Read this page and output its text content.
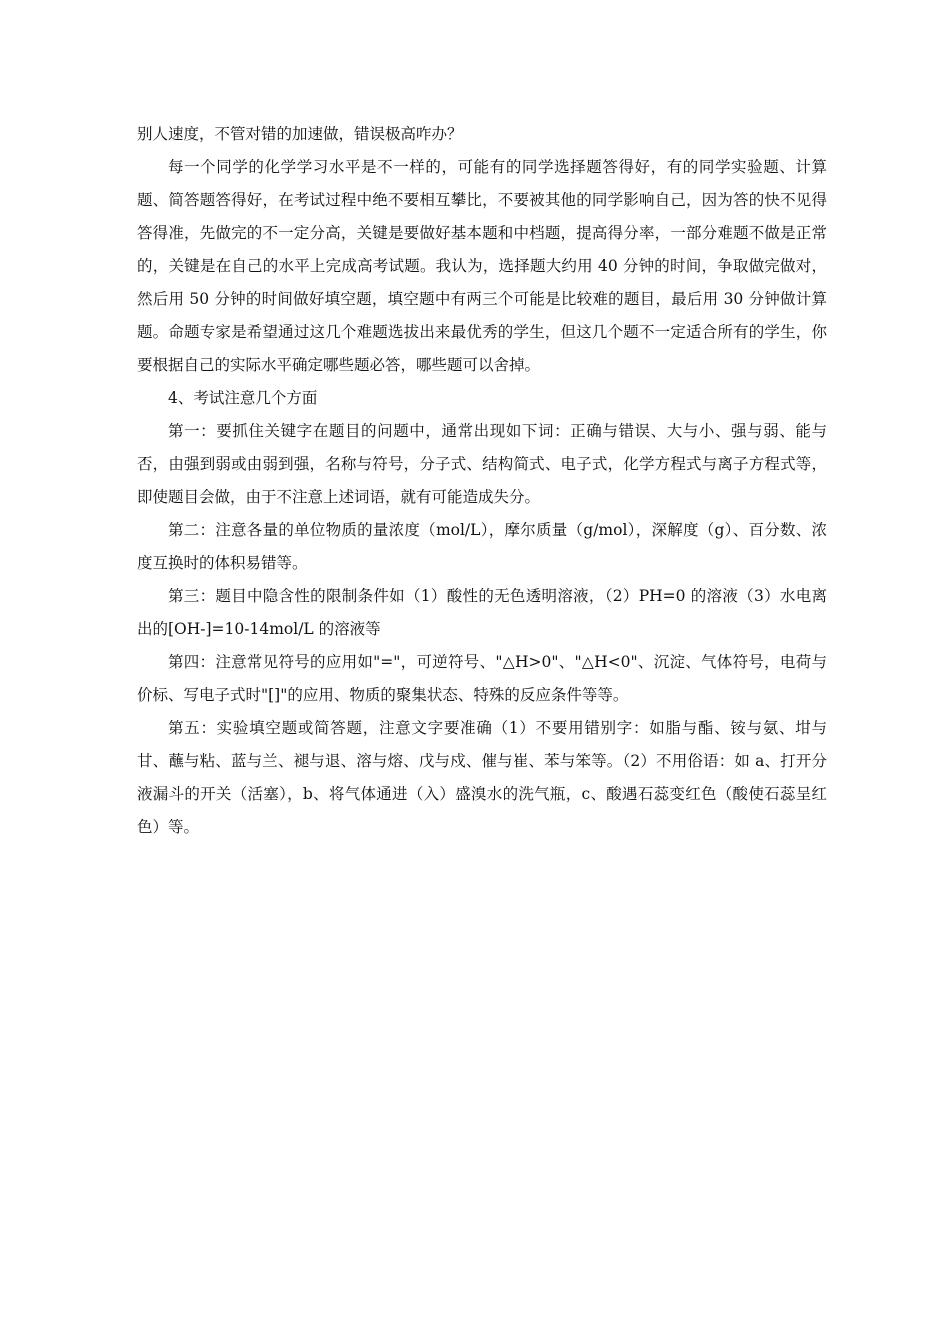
别人速度，不管对错的加速做，错误极高咋办？

每一个同学的化学学习水平是不一样的，可能有的同学选择题答得好，有的同学实验题、计算题、简答题答得好，在考试过程中绝不要相互攀比，不要被其他的同学影响自己，因为答的快不见得答得准，先做完的不一定分高，关键是要做好基本题和中档题，提高得分率，一部分难题不做是正常的，关键是在自己的水平上完成高考试题。我认为，选择题大约用 40 分钟的时间，争取做完做对，然后用 50 分钟的时间做好填空题，填空题中有两三个可能是比较难的题目，最后用 30 分钟做计算题。命题专家是希望通过这几个难题选拔出来最优秀的学生，但这几个题不一定适合所有的学生，你要根据自己的实际水平确定哪些题必答，哪些题可以舍掉。

4、考试注意几个方面

第一：要抓住关键字在题目的问题中，通常出现如下词：正确与错误、大与小、强与弱、能与否，由强到弱或由弱到强，名称与符号，分子式、结构简式、电子式，化学方程式与离子方程式等，即使题目会做，由于不注意上述词语，就有可能造成失分。

第二：注意各量的单位物质的量浓度（mol/L），摩尔质量（g/mol），深解度（g）、百分数、浓度互换时的体积易错等。

第三：题目中隐含性的限制条件如（1）酸性的无色透明溶液，（2）PH=0 的溶液（3）水电离出的[OH-]=10-14mol/L 的溶液等

第四：注意常见符号的应用如"="，可逆符号、"△H>0"、"△H<0"、沉淀、气体符号，电荷与价标、写电子式时"[]"的应用、物质的聚集状态、特殊的反应条件等等。

第五：实验填空题或简答题，注意文字要准确（1）不要用错别字：如脂与酯、铵与氨、坩与甘、蘸与粘、蓝与兰、褪与退、溶与熔、戊与戍、催与崔、苯与笨等。（2）不用俗语：如 a、打开分液漏斗的开关（活塞），b、将气体通进（入）盛溴水的洗气瓶，c、酸遇石蕊变红色（酸使石蕊呈红色）等。
